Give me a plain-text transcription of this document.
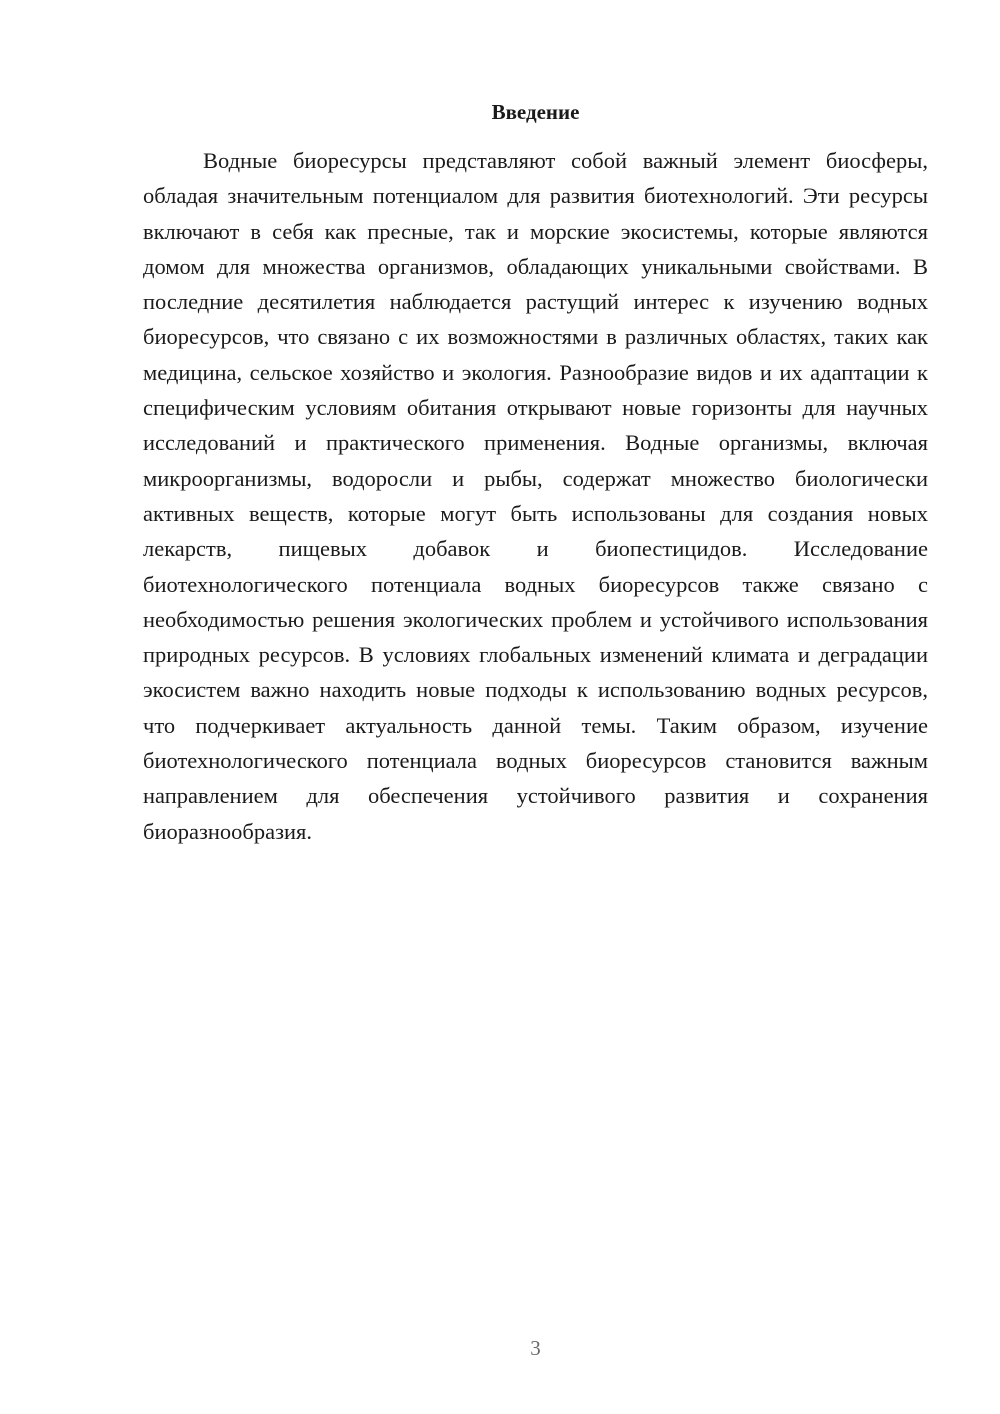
Введение

Водные биоресурсы представляют собой важный элемент биосферы, обладая значительным потенциалом для развития биотехнологий. Эти ресурсы включают в себя как пресные, так и морские экосистемы, которые являются домом для множества организмов, обладающих уникальными свойствами. В последние десятилетия наблюдается растущий интерес к изучению водных биоресурсов, что связано с их возможностями в различных областях, таких как медицина, сельское хозяйство и экология. Разнообразие видов и их адаптации к специфическим условиям обитания открывают новые горизонты для научных исследований и практического применения. Водные организмы, включая микроорганизмы, водоросли и рыбы, содержат множество биологически активных веществ, которые могут быть использованы для создания новых лекарств, пищевых добавок и биопестицидов. Исследование биотехнологического потенциала водных биоресурсов также связано с необходимостью решения экологических проблем и устойчивого использования природных ресурсов. В условиях глобальных изменений климата и деградации экосистем важно находить новые подходы к использованию водных ресурсов, что подчеркивает актуальность данной темы. Таким образом, изучение биотехнологического потенциала водных биоресурсов становится важным направлением для обеспечения устойчивого развития и сохранения биоразнообразия.

3
